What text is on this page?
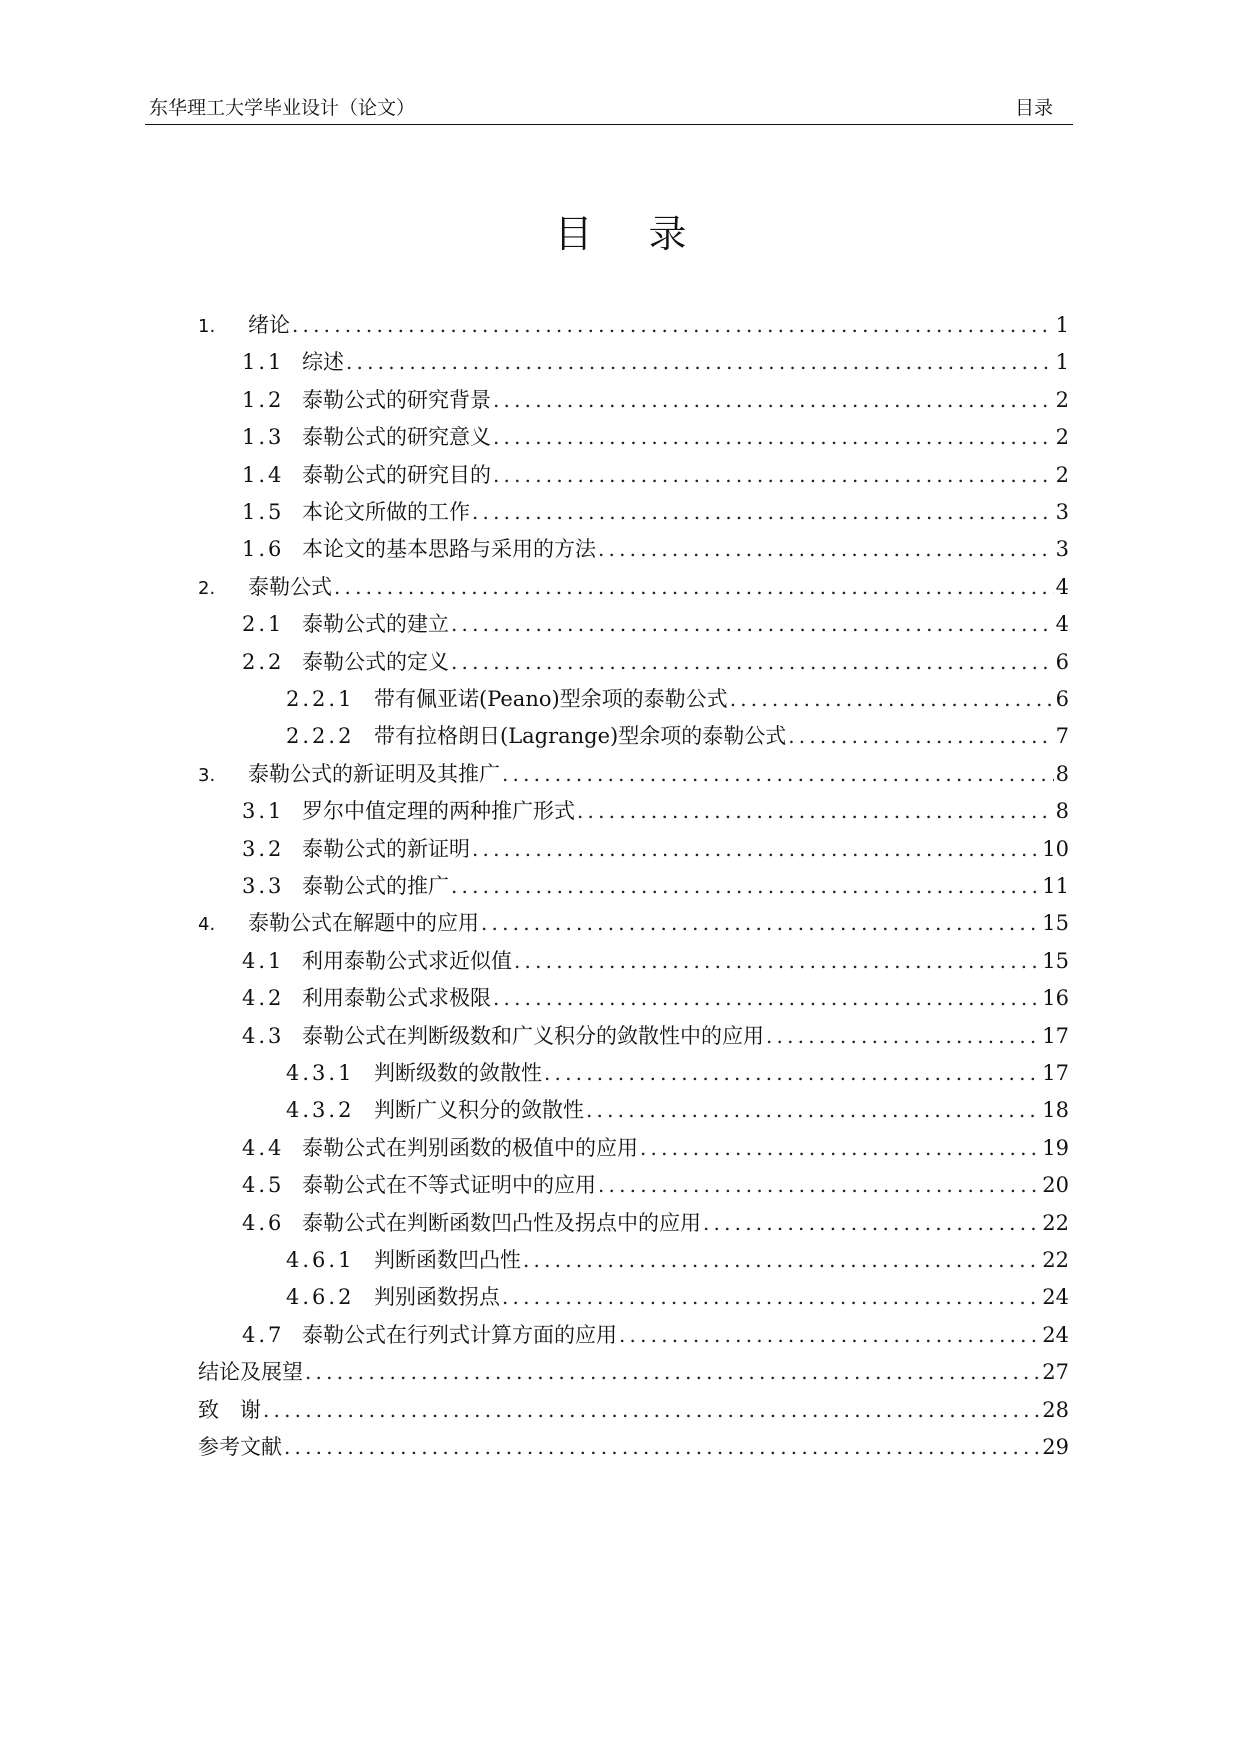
东华理工大学毕业设计（论文）	目录
目录
1.	绪论 .....	1
1.1 综述 .....	1
1.2 泰勒公式的研究背景 .....	2
1.3 泰勒公式的研究意义 .....	2
1.4 泰勒公式的研究目的 .....	2
1.5 本论文所做的工作 .....	3
1.6 本论文的基本思路与采用的方法 .....	3
2.	泰勒公式 .....	4
2.1 泰勒公式的建立 .....	4
2.2 泰勒公式的定义 .....	6
2.2.1 带有佩亚诺(Peano)型余项的泰勒公式 .....	6
2.2.2 带有拉格朗日(Lagrange)型余项的泰勒公式 .....	7
3.	泰勒公式的新证明及其推广 .....	8
3.1 罗尔中值定理的两种推广形式 .....	8
3.2 泰勒公式的新证明 .....	10
3.3 泰勒公式的推广 .....	11
4.	泰勒公式在解题中的应用 .....	15
4.1 利用泰勒公式求近似值 .....	15
4.2 利用泰勒公式求极限 .....	16
4.3 泰勒公式在判断级数和广义积分的敛散性中的应用 .....	17
4.3.1 判断级数的敛散性 .....	17
4.3.2 判断广义积分的敛散性 .....	18
4.4 泰勒公式在判别函数的极值中的应用 .....	19
4.5 泰勒公式在不等式证明中的应用 .....	20
4.6 泰勒公式在判断函数凹凸性及拐点中的应用 .....	22
4.6.1 判断函数凹凸性 .....	22
4.6.2 判别函数拐点 .....	24
4.7 泰勒公式在行列式计算方面的应用 .....	24
结论及展望 .....	27
致　谢 .....	28
参考文献 .....	29
